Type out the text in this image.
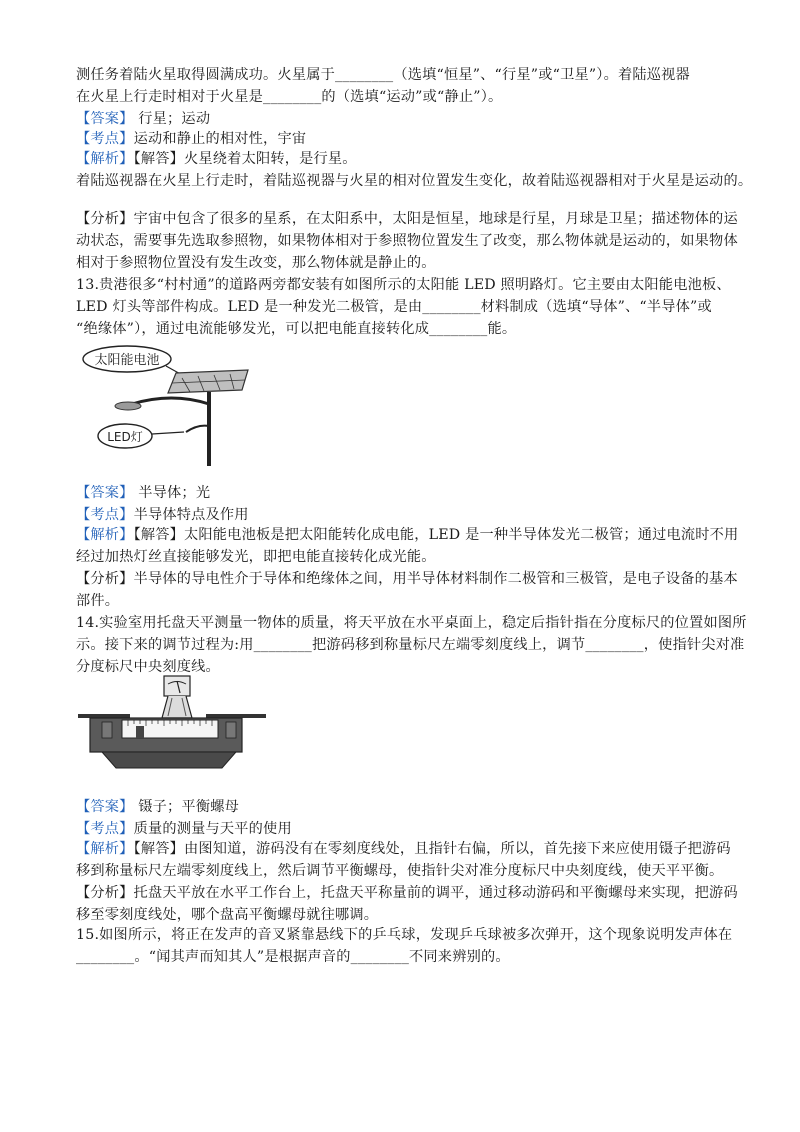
测任务着陆火星取得圆满成功。火星属于________（选填“恒星”、“行星”或“卫星”）。着陆巡视器
在火星上行走时相对于火星是________的（选填“运动”或“静止”）。
【答案】 行星；运动
【考点】运动和静止的相对性，宇宙
【解析】【解答】火星绕着太阳转，是行星。
着陆巡视器在火星上行走时，着陆巡视器与火星的相对位置发生变化，故着陆巡视器相对于火星是运动的。
【分析】宇宙中包含了很多的星系，在太阳系中，太阳是恒星，地球是行星，月球是卫星；描述物体的运
动状态，需要事先选取参照物，如果物体相对于参照物位置发生了改变，那么物体就是运动的，如果物体
相对于参照物位置没有发生改变，那么物体就是静止的。
13.贵港很多“村村通”的道路两旁都安装有如图所示的太阳能 LED 照明路灯。它主要由太阳能电池板、
LED 灯头等部件构成。LED 是一种发光二极管，是由________材料制成（选填“导体”、“半导体”或
“绝缘体”），通过电流能够发光，可以把电能直接转化成________能。
太阳能电池
LED灯
【答案】 半导体；光
【考点】半导体特点及作用
【解析】【解答】太阳能电池板是把太阳能转化成电能，LED 是一种半导体发光二极管；通过电流时不用
经过加热灯丝直接能够发光，即把电能直接转化成光能。
【分析】半导体的导电性介于导体和绝缘体之间，用半导体材料制作二极管和三极管，是电子设备的基本
部件。
14.实验室用托盘天平测量一物体的质量，将天平放在水平桌面上，稳定后指针指在分度标尺的位置如图所
示。接下来的调节过程为:用________把游码移到称量标尺左端零刻度线上，调节________，使指针尖对准
分度标尺中央刻度线。
【答案】 镊子；平衡螺母
【考点】质量的测量与天平的使用
【解析】【解答】由图知道，游码没有在零刻度线处，且指针右偏，所以，首先接下来应使用镊子把游码
移到称量标尺左端零刻度线上，然后调节平衡螺母，使指针尖对准分度标尺中央刻度线，使天平平衡。
【分析】托盘天平放在水平工作台上，托盘天平称量前的调平，通过移动游码和平衡螺母来实现，把游码
移至零刻度线处，哪个盘高平衡螺母就往哪调。
15.如图所示，将正在发声的音叉紧靠悬线下的乒乓球，发现乒乓球被多次弹开，这个现象说明发声体在
________。“闻其声而知其人”是根据声音的________不同来辨别的。
